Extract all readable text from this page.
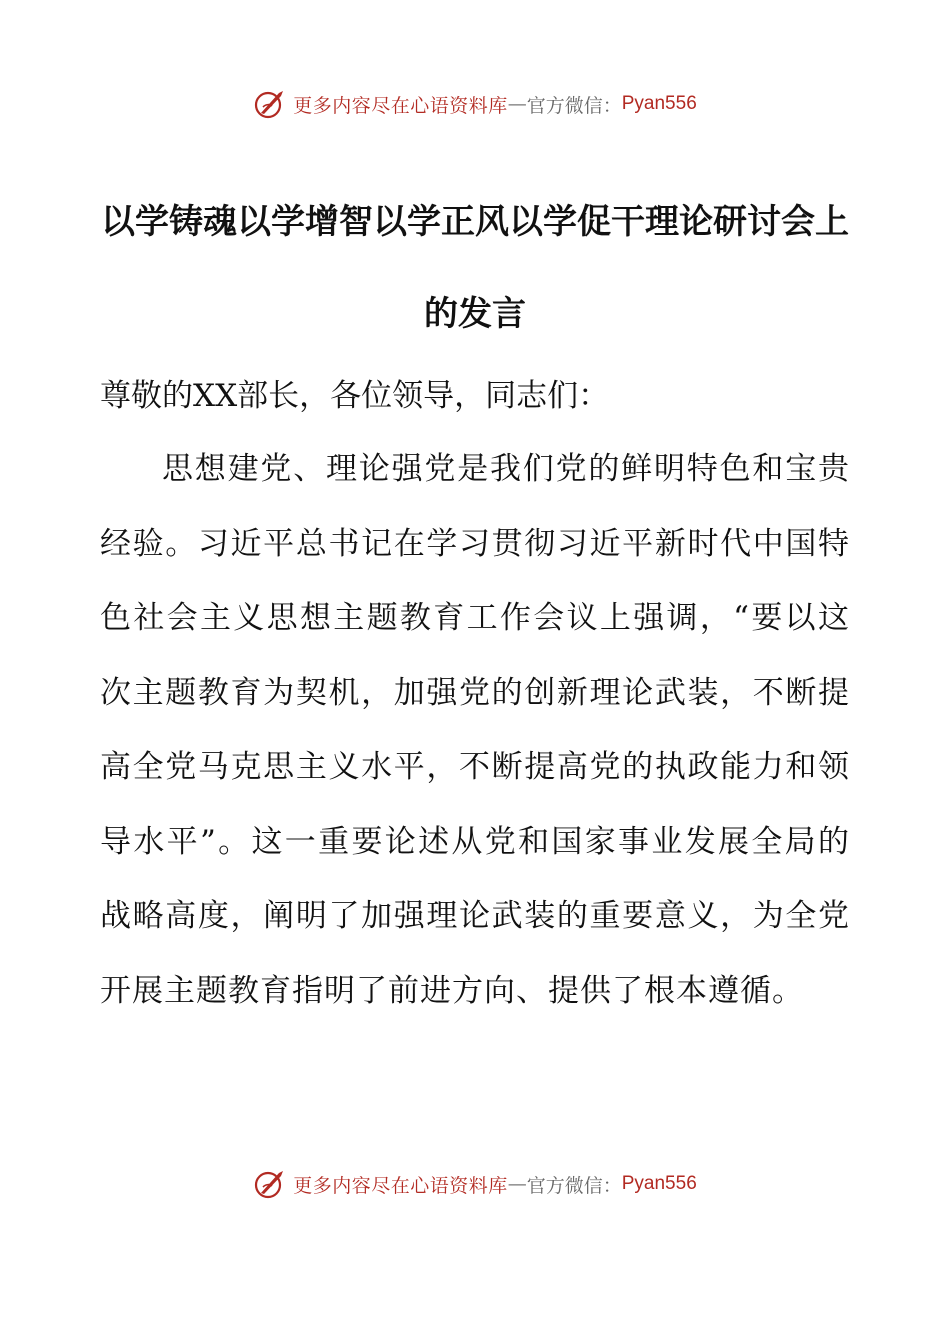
更多内容尽在心语资料库 — 官方微信： Pyan556
以学铸魂以学增智以学正风以学促干理论研讨会上的发言

尊敬的XX部长，各位领导，同志们：

思想建党、理论强党是我们党的鲜明特色和宝贵经验。习近平总书记在学习贯彻习近平新时代中国特色社会主义思想主题教育工作会议上强调，“要以这次主题教育为契机，加强党的创新理论武装，不断提高全党马克思主义水平，不断提高党的执政能力和领导水平”。这一重要论述从党和国家事业发展全局的战略高度，阐明了加强理论武装的重要意义，为全党开展主题教育指明了前进方向、提供了根本遵循。

更多内容尽在心语资料库 — 官方微信： Pyan556
